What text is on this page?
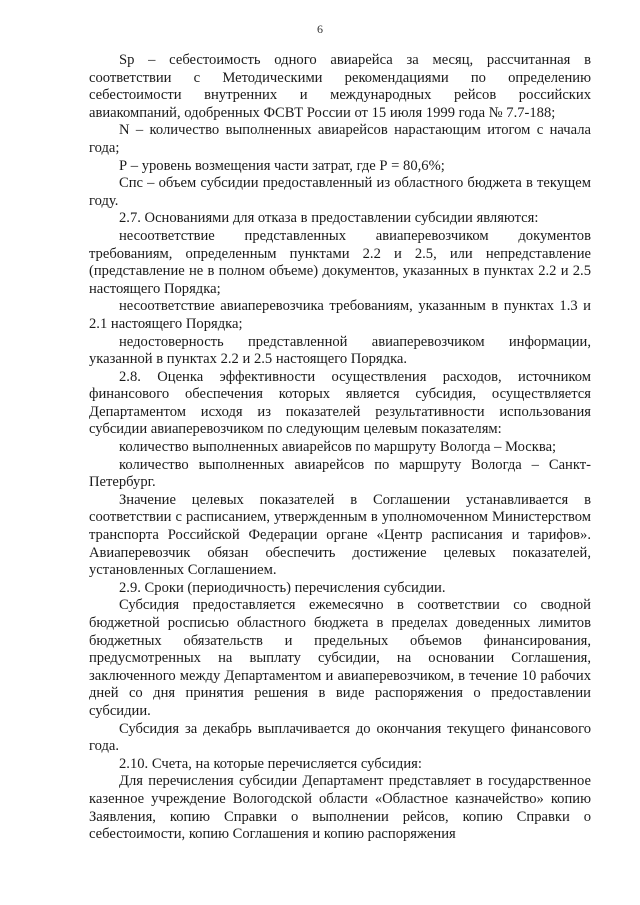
6

Sр – себестоимость одного авиарейса за месяц, рассчитанная в соответствии с Методическими рекомендациями по определению себестоимости внутренних и международных рейсов российских авиакомпаний, одобренных ФСВТ России от 15 июля 1999 года № 7.7-188;

N – количество выполненных авиарейсов нарастающим итогом с начала года;

Р – уровень возмещения части затрат, где Р = 80,6%;

Спс – объем субсидии предоставленный из областного бюджета в текущем году.

2.7. Основаниями для отказа в предоставлении субсидии являются:

несоответствие представленных авиаперевозчиком документов требованиям, определенным пунктами 2.2 и 2.5, или непредставление (представление не в полном объеме) документов, указанных в пунктах 2.2 и 2.5 настоящего Порядка;

несоответствие авиаперевозчика требованиям, указанным в пунктах 1.3 и 2.1 настоящего Порядка;

недостоверность представленной авиаперевозчиком информации, указанной в пунктах 2.2 и 2.5 настоящего Порядка.

2.8. Оценка эффективности осуществления расходов, источником финансового обеспечения которых является субсидия, осуществляется Департаментом исходя из показателей результативности использования субсидии авиаперевозчиком по следующим целевым показателям:

количество выполненных авиарейсов по маршруту Вологда – Москва;

количество выполненных авиарейсов по маршруту Вологда – Санкт-Петербург.

Значение целевых показателей в Соглашении устанавливается в соответствии с расписанием, утвержденным в уполномоченном Министерством транспорта Российской Федерации органе «Центр расписания и тарифов». Авиаперевозчик обязан обеспечить достижение целевых показателей, установленных Соглашением.

2.9. Сроки (периодичность) перечисления субсидии.

Субсидия предоставляется ежемесячно в соответствии со сводной бюджетной росписью областного бюджета в пределах доведенных лимитов бюджетных обязательств и предельных объемов финансирования, предусмотренных на выплату субсидии, на основании Соглашения, заключенного между Департаментом и авиаперевозчиком, в течение 10 рабочих дней со дня принятия решения в виде распоряжения о предоставлении субсидии.

Субсидия за декабрь выплачивается до окончания текущего финансового года.

2.10. Счета, на которые перечисляется субсидия:

Для перечисления субсидии Департамент представляет в государственное казенное учреждение Вологодской области «Областное казначейство» копию Заявления, копию Справки о выполнении рейсов, копию Справки о себестоимости, копию Соглашения и копию распоряжения
